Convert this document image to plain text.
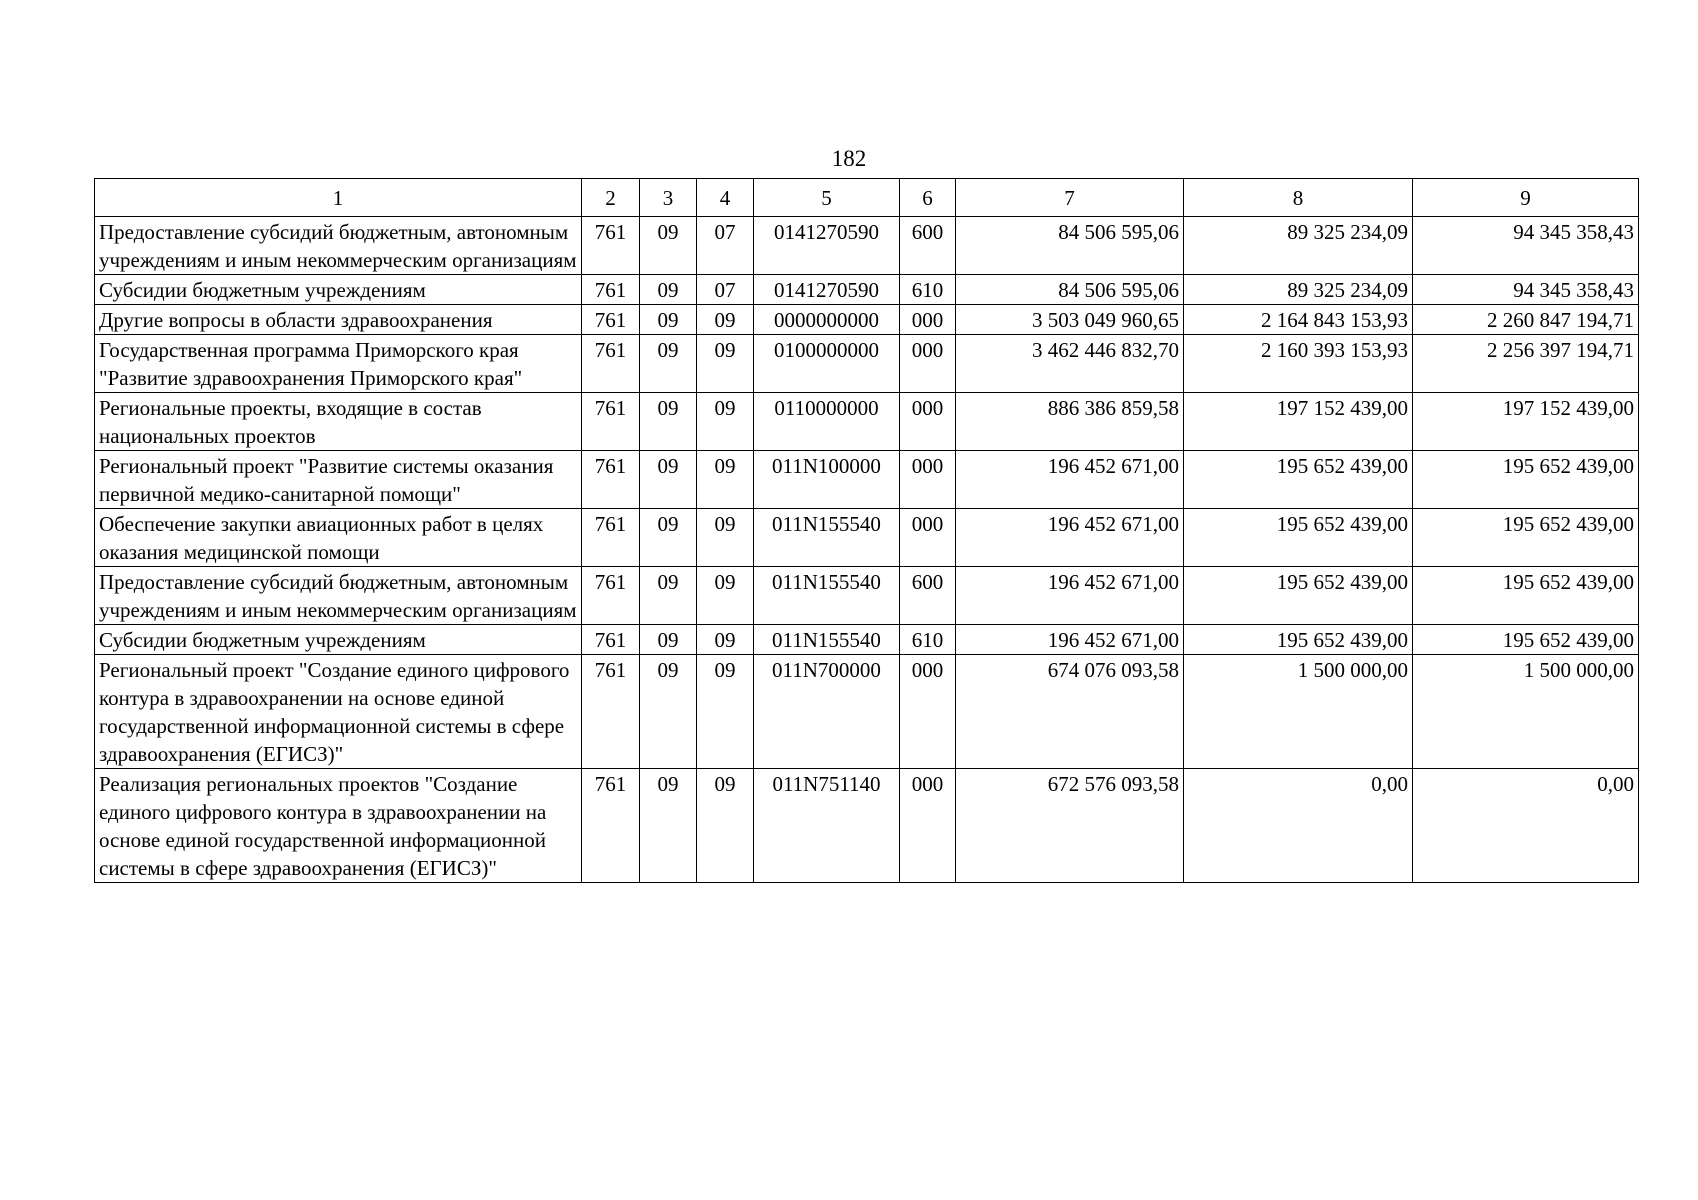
182
1	2	3	4	5	6	7	8	9
Предоставление субсидий бюджетным, автономным учреждениям и иным некоммерческим организациям	761	09	07	0141270590	600	84 506 595,06	89 325 234,09	94 345 358,43
Субсидии бюджетным учреждениям	761	09	07	0141270590	610	84 506 595,06	89 325 234,09	94 345 358,43
Другие вопросы в области здравоохранения	761	09	09	0000000000	000	3 503 049 960,65	2 164 843 153,93	2 260 847 194,71
Государственная программа Приморского края "Развитие здравоохранения Приморского края"	761	09	09	0100000000	000	3 462 446 832,70	2 160 393 153,93	2 256 397 194,71
Региональные проекты, входящие в состав национальных проектов	761	09	09	0110000000	000	886 386 859,58	197 152 439,00	197 152 439,00
Региональный проект "Развитие системы оказания первичной медико-санитарной помощи"	761	09	09	011N100000	000	196 452 671,00	195 652 439,00	195 652 439,00
Обеспечение закупки авиационных работ в целях оказания медицинской помощи	761	09	09	011N155540	000	196 452 671,00	195 652 439,00	195 652 439,00
Предоставление субсидий бюджетным, автономным учреждениям и иным некоммерческим организациям	761	09	09	011N155540	600	196 452 671,00	195 652 439,00	195 652 439,00
Субсидии бюджетным учреждениям	761	09	09	011N155540	610	196 452 671,00	195 652 439,00	195 652 439,00
Региональный проект "Создание единого цифрового контура в здравоохранении на основе единой государственной информационной системы в сфере здравоохранения (ЕГИСЗ)"	761	09	09	011N700000	000	674 076 093,58	1 500 000,00	1 500 000,00
Реализация региональных проектов "Создание единого цифрового контура в здравоохранении на основе единой государственной информационной системы в сфере здравоохранения (ЕГИСЗ)"	761	09	09	011N751140	000	672 576 093,58	0,00	0,00
